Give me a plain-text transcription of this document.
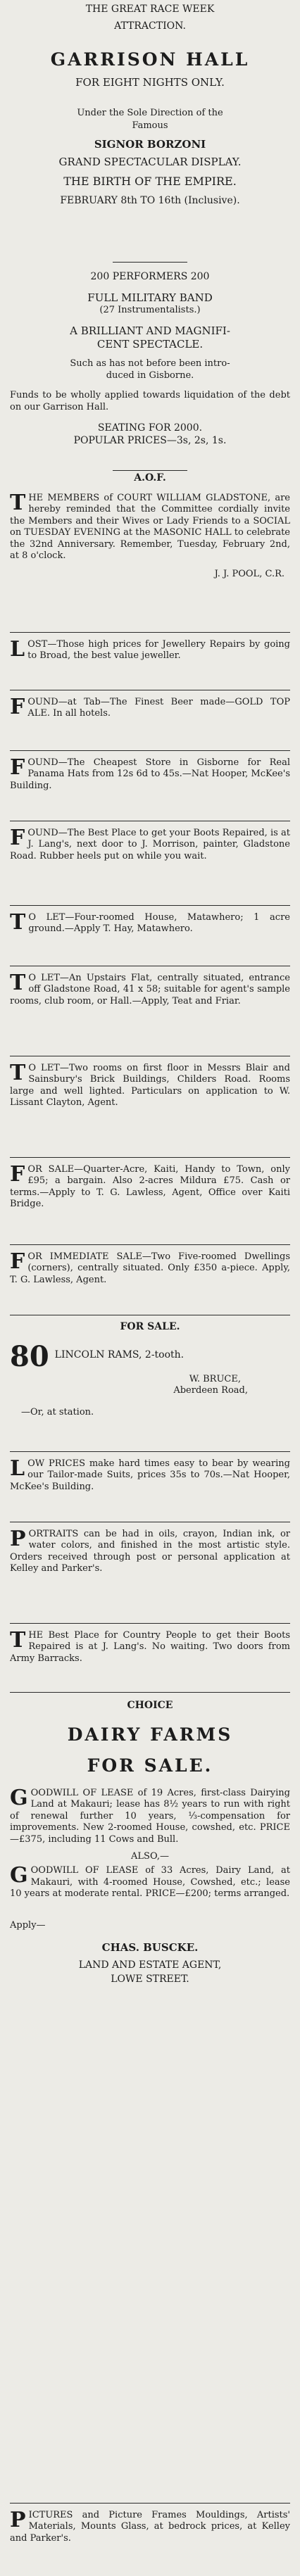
THE GREAT RACE WEEK

ATTRACTION.

GARRISON HALL

FOR EIGHT NIGHTS ONLY.

Under the Sole Direction of the

Famous

SIGNOR BORZONI

GRAND SPECTACULAR DISPLAY.

THE BIRTH OF THE EMPIRE.

FEBRUARY 8th TO 16th (Inclusive).

200 PERFORMERS 200

FULL MILITARY BAND

(27 Instrumentalists.)

A BRILLIANT AND MAGNIFI-

CENT SPECTACLE.

Such as has not before been intro-

duced in Gisborne.

Funds to be wholly applied towards liquidation of the debt on our Garrison Hall.

SEATING FOR 2000.

POPULAR PRICES—3s, 2s, 1s.

A.O.F.

THE MEMBERS of COURT WILLIAM GLADSTONE, are hereby reminded that the Committee cordially invite the Members and their Wives or Lady Friends to a SOCIAL on TUESDAY EVENING at the MASONIC HALL to celebrate the 32nd Anniversary. Remember, Tuesday, February 2nd, at 8 o'clock.

J. J. POOL, C.R.

LOST—Those high prices for Jewellery Repairs by going to Broad, the best value jeweller.

FOUND—at Tab—The Finest Beer made—GOLD TOP ALE. In all hotels.

FOUND—The Cheapest Store in Gisborne for Real Panama Hats from 12s 6d to 45s.—Nat Hooper, McKee's Building.

FOUND—The Best Place to get your Boots Repaired, is at J. Lang's, next door to J. Morrison, painter, Gladstone Road. Rubber heels put on while you wait.

T O LET—Four-roomed House, Matawhero; 1 acre ground.—Apply T. Hay, Matawhero.

T O LET—An Upstairs Flat, centrally situated, entrance off Gladstone Road, 41 x 58; suitable for agent's sample rooms, club room, or Hall.—Apply, Teat and Friar.

T O LET—Two rooms on first floor in Messrs Blair and Sainsbury's Brick Buildings, Childers Road. Rooms large and well lighted. Particulars on application to W. Lissant Clayton, Agent.

FOR SALE—Quarter-Acre, Kaiti, Handy to Town, only £95; a bargain. Also 2-acres Mildura £75. Cash or terms.—Apply to T. G. Lawless, Agent, Office over Kaiti Bridge.

FOR IMMEDIATE SALE—Two Five-roomed Dwellings (corners), centrally situated. Only £350 a-piece. Apply, T. G. Lawless, Agent.

FOR SALE.

80 LINCOLN RAMS, 2-tooth.

W. BRUCE,

Aberdeen Road,

—Or, at station.

LOW PRICES make hard times easy to bear by wearing our Tailor-made Suits, prices 35s to 70s.—Nat Hooper, McKee's Building.

PORTRAITS can be had in oils, crayon, Indian ink, or water colors, and finished in the most artistic style. Orders received through post or personal application at Kelley and Parker's.

THE Best Place for Country People to get their Boots Repaired is at J. Lang's. No waiting. Two doors from Army Barracks.

CHOICE

DAIRY FARMS

FOR SALE.

GOODWILL OF LEASE of 19 Acres, first-class Dairying Land at Makauri; lease has 8½ years to run with right of renewal further 10 years, ⅓-compensation for improvements. New 2-roomed House, cowshed, etc. PRICE—£375, including 11 Cows and Bull.

ALSO,—

GOODWILL OF LEASE of 33 Acres, Dairy Land, at Makauri, with 4-roomed House, Cowshed, etc.; lease 10 years at moderate rental. PRICE—£200; terms arranged.

Apply—

CHAS. BUSCKE.

LAND AND ESTATE AGENT,

LOWE STREET.

PICTURES and Picture Frames Mouldings, Artists' Materials, Mounts Glass, at bedrock prices, at Kelley and Parker's.
